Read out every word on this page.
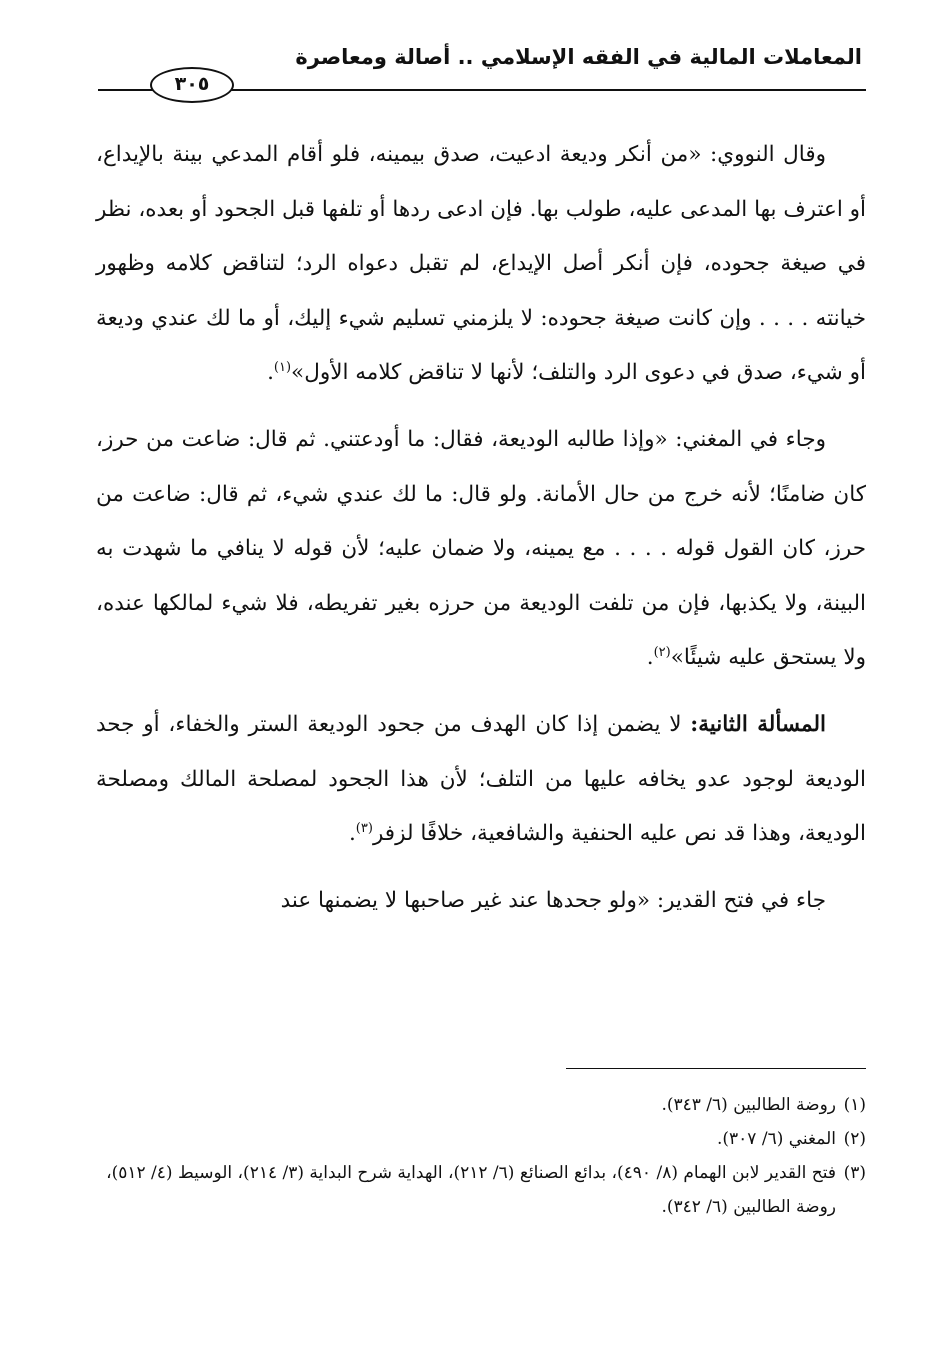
المعاملات المالية في الفقه الإسلامي .. أصالة ومعاصرة
٣٠٥

وقال النووي: «من أنكر وديعة ادعيت، صدق بيمينه، فلو أقام المدعي بينة بالإيداع، أو اعترف بها المدعى عليه، طولب بها. فإن ادعى ردها أو تلفها قبل الجحود أو بعده، نظر في صيغة جحوده، فإن أنكر أصل الإيداع، لم تقبل دعواه الرد؛ لتناقض كلامه وظهور خيانته . . . . وإن كانت صيغة جحوده: لا يلزمني تسليم شيء إليك، أو ما لك عندي وديعة أو شيء، صدق في دعوى الرد والتلف؛ لأنها لا تناقض كلامه الأول»$^{(١)}$.

وجاء في المغني: «وإذا طالبه الوديعة، فقال: ما أودعتني. ثم قال: ضاعت من حرز، كان ضامنًا؛ لأنه خرج من حال الأمانة. ولو قال: ما لك عندي شيء، ثم قال: ضاعت من حرز، كان القول قوله . . . . مع يمينه، ولا ضمان عليه؛ لأن قوله لا ينافي ما شهدت به البينة، ولا يكذبها، فإن من تلفت الوديعة من حرزه بغير تفريطه، فلا شيء لمالكها عنده، ولا يستحق عليه شيئًا»$^{(٢)}$.

المسألة الثانية: لا يضمن إذا كان الهدف من جحود الوديعة الستر والخفاء، أو جحد الوديعة لوجود عدو يخافه عليها من التلف؛ لأن هذا الجحود لمصلحة المالك ومصلحة الوديعة، وهذا قد نص عليه الحنفية والشافعية، خلافًا لزفر$^{(٣)}$.

جاء في فتح القدير: «ولو جحدها عند غير صاحبها لا يضمنها عند

(١)روضة الطالبين (٦/ ٣٤٣).

(٢)المغني (٦/ ٣٠٧).

(٣)فتح القدير لابن الهمام (٨/ ٤٩٠)، بدائع الصنائع (٦/ ٢١٢)، الهداية شرح البداية (٣/ ٢١٤)، الوسيط (٤/ ٥١٢)، روضة الطالبين (٦/ ٣٤٢).
